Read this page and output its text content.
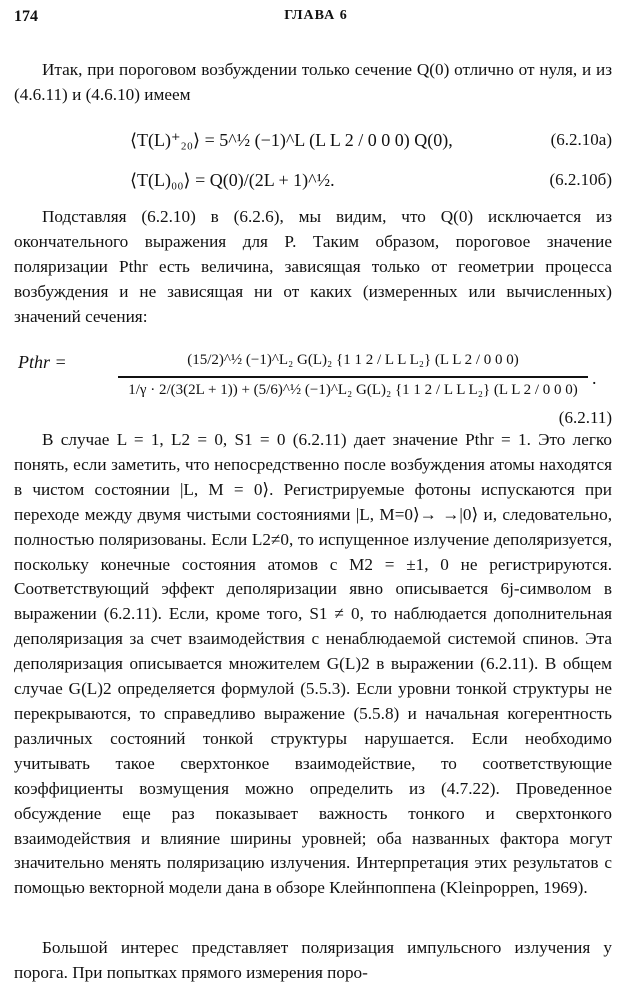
174	ГЛАВА 6

Итак, при пороговом возбуждении только сечение Q(0) отлично от нуля, и из (4.6.11) и (4.6.10) имеем

⟨T(L)⁺₂₀⟩ = 5^½ (−1)^L (L L 2 / 0 0 0) Q(0),	(6.2.10а)
⟨T(L)₀₀⟩ = Q(0)/(2L + 1)^½.	(6.2.10б)

Подставляя (6.2.10) в (6.2.6), мы видим, что Q(0) исключается из окончательного выражения для P. Таким образом, пороговое значение поляризации Pthr есть величина, зависящая только от геометрии процесса возбуждения и не зависящая ни от каких (измеренных или вычисленных) значений сечения:

Pthr =	(15/2)^½ (−1)^L₂ G(L)₂ {1 1 2 / L L L₂} (L L 2 / 0 0 0)
1/γ · 2/(3(2L + 1)) + (5/6)^½ (−1)^L₂ G(L)₂ {1 1 2 / L L L₂} (L L 2 / 0 0 0)
.
(6.2.11)

В случае L = 1, L2 = 0, S1 = 0 (6.2.11) дает значение Pthr = 1. Это легко понять, если заметить, что непосредственно после возбуждения атомы находятся в чистом состоянии |L, M = 0⟩. Регистрируемые фотоны испускаются при переходе между двумя чистыми состояниями |L, M=0⟩→ →|0⟩ и, следовательно, полностью поляризованы. Если L2≠0, то испущенное излучение деполяризуется, поскольку конечные состояния атомов с M2 = ±1, 0 не регистрируются. Соответствующий эффект деполяризации явно описывается 6j-символом в выражении (6.2.11). Если, кроме того, S1 ≠ 0, то наблюдается дополнительная деполяризация за счет взаимодействия с ненаблюдаемой системой спинов. Эта деполяризация описывается множителем G(L)2 в выражении (6.2.11). В общем случае G(L)2 определяется формулой (5.5.3). Если уровни тонкой структуры не перекрываются, то справедливо выражение (5.5.8) и начальная когерентность различных состояний тонкой структуры нарушается. Если необходимо учитывать такое сверхтонкое взаимодействие, то соответствующие коэффициенты возмущения можно определить из (4.7.22). Проведенное обсуждение еще раз показывает важность тонкого и сверхтонкого взаимодействия и влияние ширины уровней; оба названных фактора могут значительно менять поляризацию излучения. Интерпретация этих результатов с помощью векторной модели дана в обзоре Клейнпоппена (Kleinpoppen, 1969).

Большой интерес представляет поляризация импульсного излучения у порога. При попытках прямого измерения поро-
